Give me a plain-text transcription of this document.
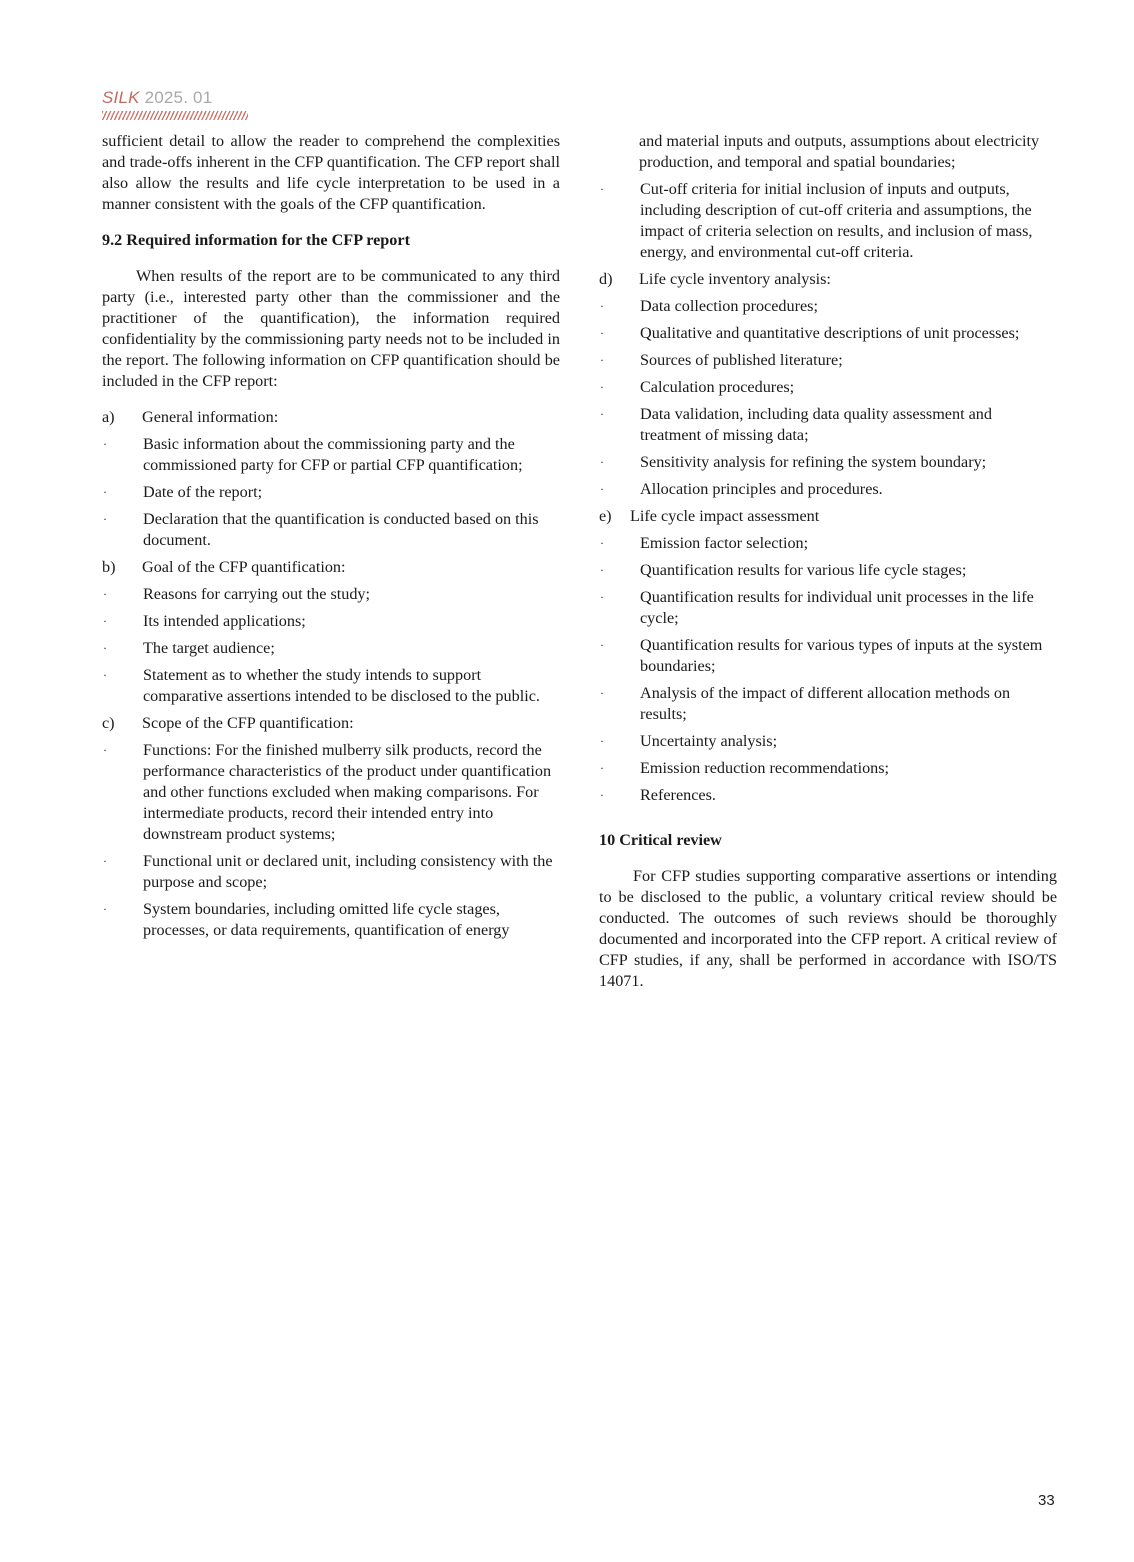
SILK 2025. 01

sufficient detail to allow the reader to comprehend the complexities and trade-offs inherent in the CFP quantification. The CFP report shall also allow the results and life cycle interpretation to be used in a manner consistent with the goals of the CFP quantification.

9.2 Required information for the CFP report

When results of the report are to be communicated to any third party (i.e., interested party other than the commissioner and the practitioner of the quantification), the information required confidentiality by the commissioning party needs not to be included in the report. The following information on CFP quantification should be included in the CFP report:

a)	General information:
·	Basic information about the commissioning party and the commissioned party for CFP or partial CFP quantification;
·	Date of the report;
·	Declaration that the quantification is conducted based on this document.
b)	Goal of the CFP quantification:
·	Reasons for carrying out the study;
·	Its intended applications;
·	The target audience;
·	Statement as to whether the study intends to support comparative assertions intended to be disclosed to the public.
c)	Scope of the CFP quantification:
·	Functions: For the finished mulberry silk products, record the performance characteristics of the product under quantification and other functions excluded when making comparisons. For intermediate products, record their intended entry into downstream product systems;
·	Functional unit or declared unit, including consistency with the purpose and scope;
·	System boundaries, including omitted life cycle stages, processes, or data requirements, quantification of energy
and material inputs and outputs, assumptions about electricity production, and temporal and spatial boundaries;
·	Cut-off criteria for initial inclusion of inputs and outputs, including description of cut-off criteria and assumptions, the impact of criteria selection on results, and inclusion of mass, energy, and environmental cut-off criteria.
d)	Life cycle inventory analysis:
·	Data collection procedures;
·	Qualitative and quantitative descriptions of unit processes;
·	Sources of published literature;
·	Calculation procedures;
·	Data validation, including data quality assessment and treatment of missing data;
·	Sensitivity analysis for refining the system boundary;
·	Allocation principles and procedures.
e)	Life cycle impact assessment
·	Emission factor selection;
·	Quantification results for various life cycle stages;
·	Quantification results for individual unit processes in the life cycle;
·	Quantification results for various types of inputs at the system boundaries;
·	Analysis of the impact of different allocation methods on results;
·	Uncertainty analysis;
·	Emission reduction recommendations;
·	References.
10 Critical review

For CFP studies supporting comparative assertions or intending to be disclosed to the public, a voluntary critical review should be conducted. The outcomes of such reviews should be thoroughly documented and incorporated into the CFP report. A critical review of CFP studies, if any, shall be performed in accordance with ISO/TS 14071.

33
